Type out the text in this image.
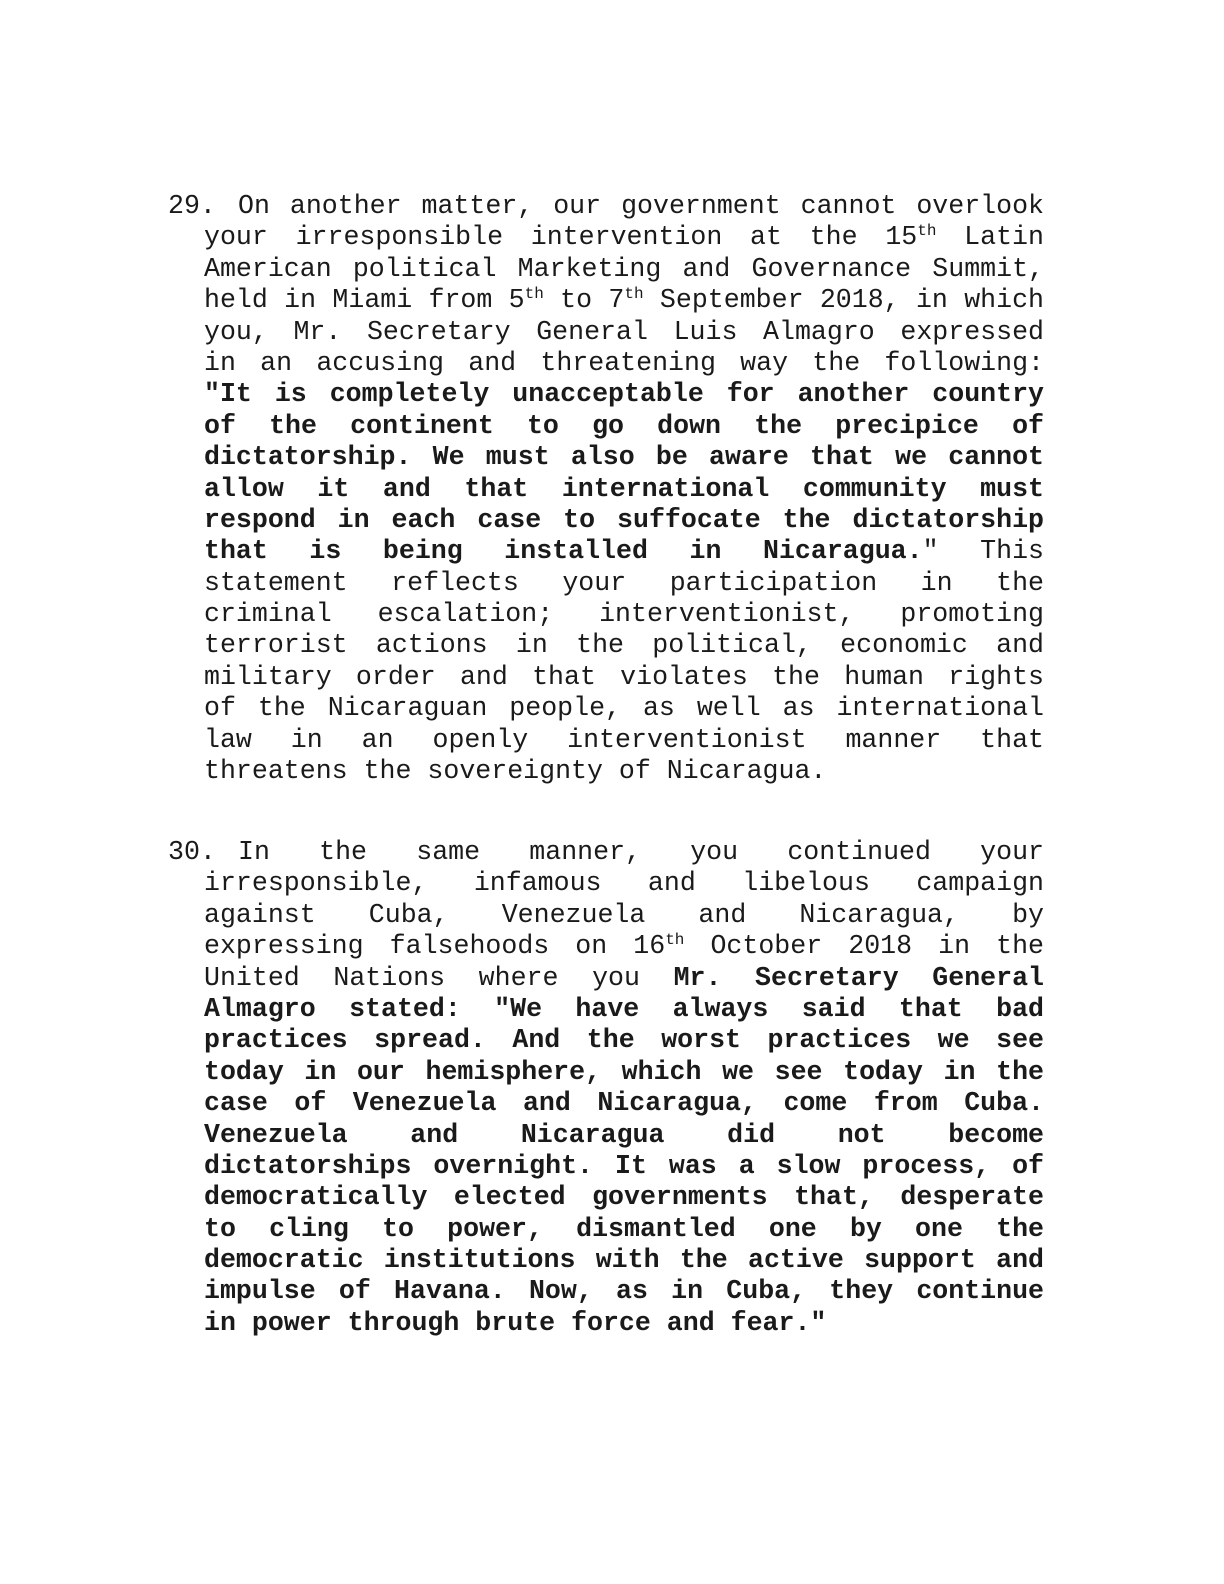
29. On another matter, our government cannot overlook
your irresponsible intervention at the 15th Latin
American political Marketing and Governance Summit,
held in Miami from 5th to 7th September 2018, in which
you, Mr. Secretary General Luis Almagro expressed
in an accusing and threatening way the following:
"It is completely unacceptable for another country
of the continent to go down the precipice of
dictatorship. We must also be aware that we cannot
allow it and that international community must
respond in each case to suffocate the dictatorship
that is being installed in Nicaragua." This
statement reflects your participation in the
criminal escalation; interventionist, promoting
terrorist actions in the political, economic and
military order and that violates the human rights
of the Nicaraguan people, as well as international
law in an openly interventionist manner that
threatens the sovereignty of Nicaragua.
30. In the same manner, you continued your
irresponsible, infamous and libelous campaign
against Cuba, Venezuela and Nicaragua, by
expressing falsehoods on 16th October 2018 in the
United Nations where you Mr. Secretary General
Almagro stated: "We have always said that bad
practices spread. And the worst practices we see
today in our hemisphere, which we see today in the
case of Venezuela and Nicaragua, come from Cuba.
Venezuela and Nicaragua did not become
dictatorships overnight. It was a slow process, of
democratically elected governments that, desperate
to cling to power, dismantled one by one the
democratic institutions with the active support and
impulse of Havana. Now, as in Cuba, they continue
in power through brute force and fear."
